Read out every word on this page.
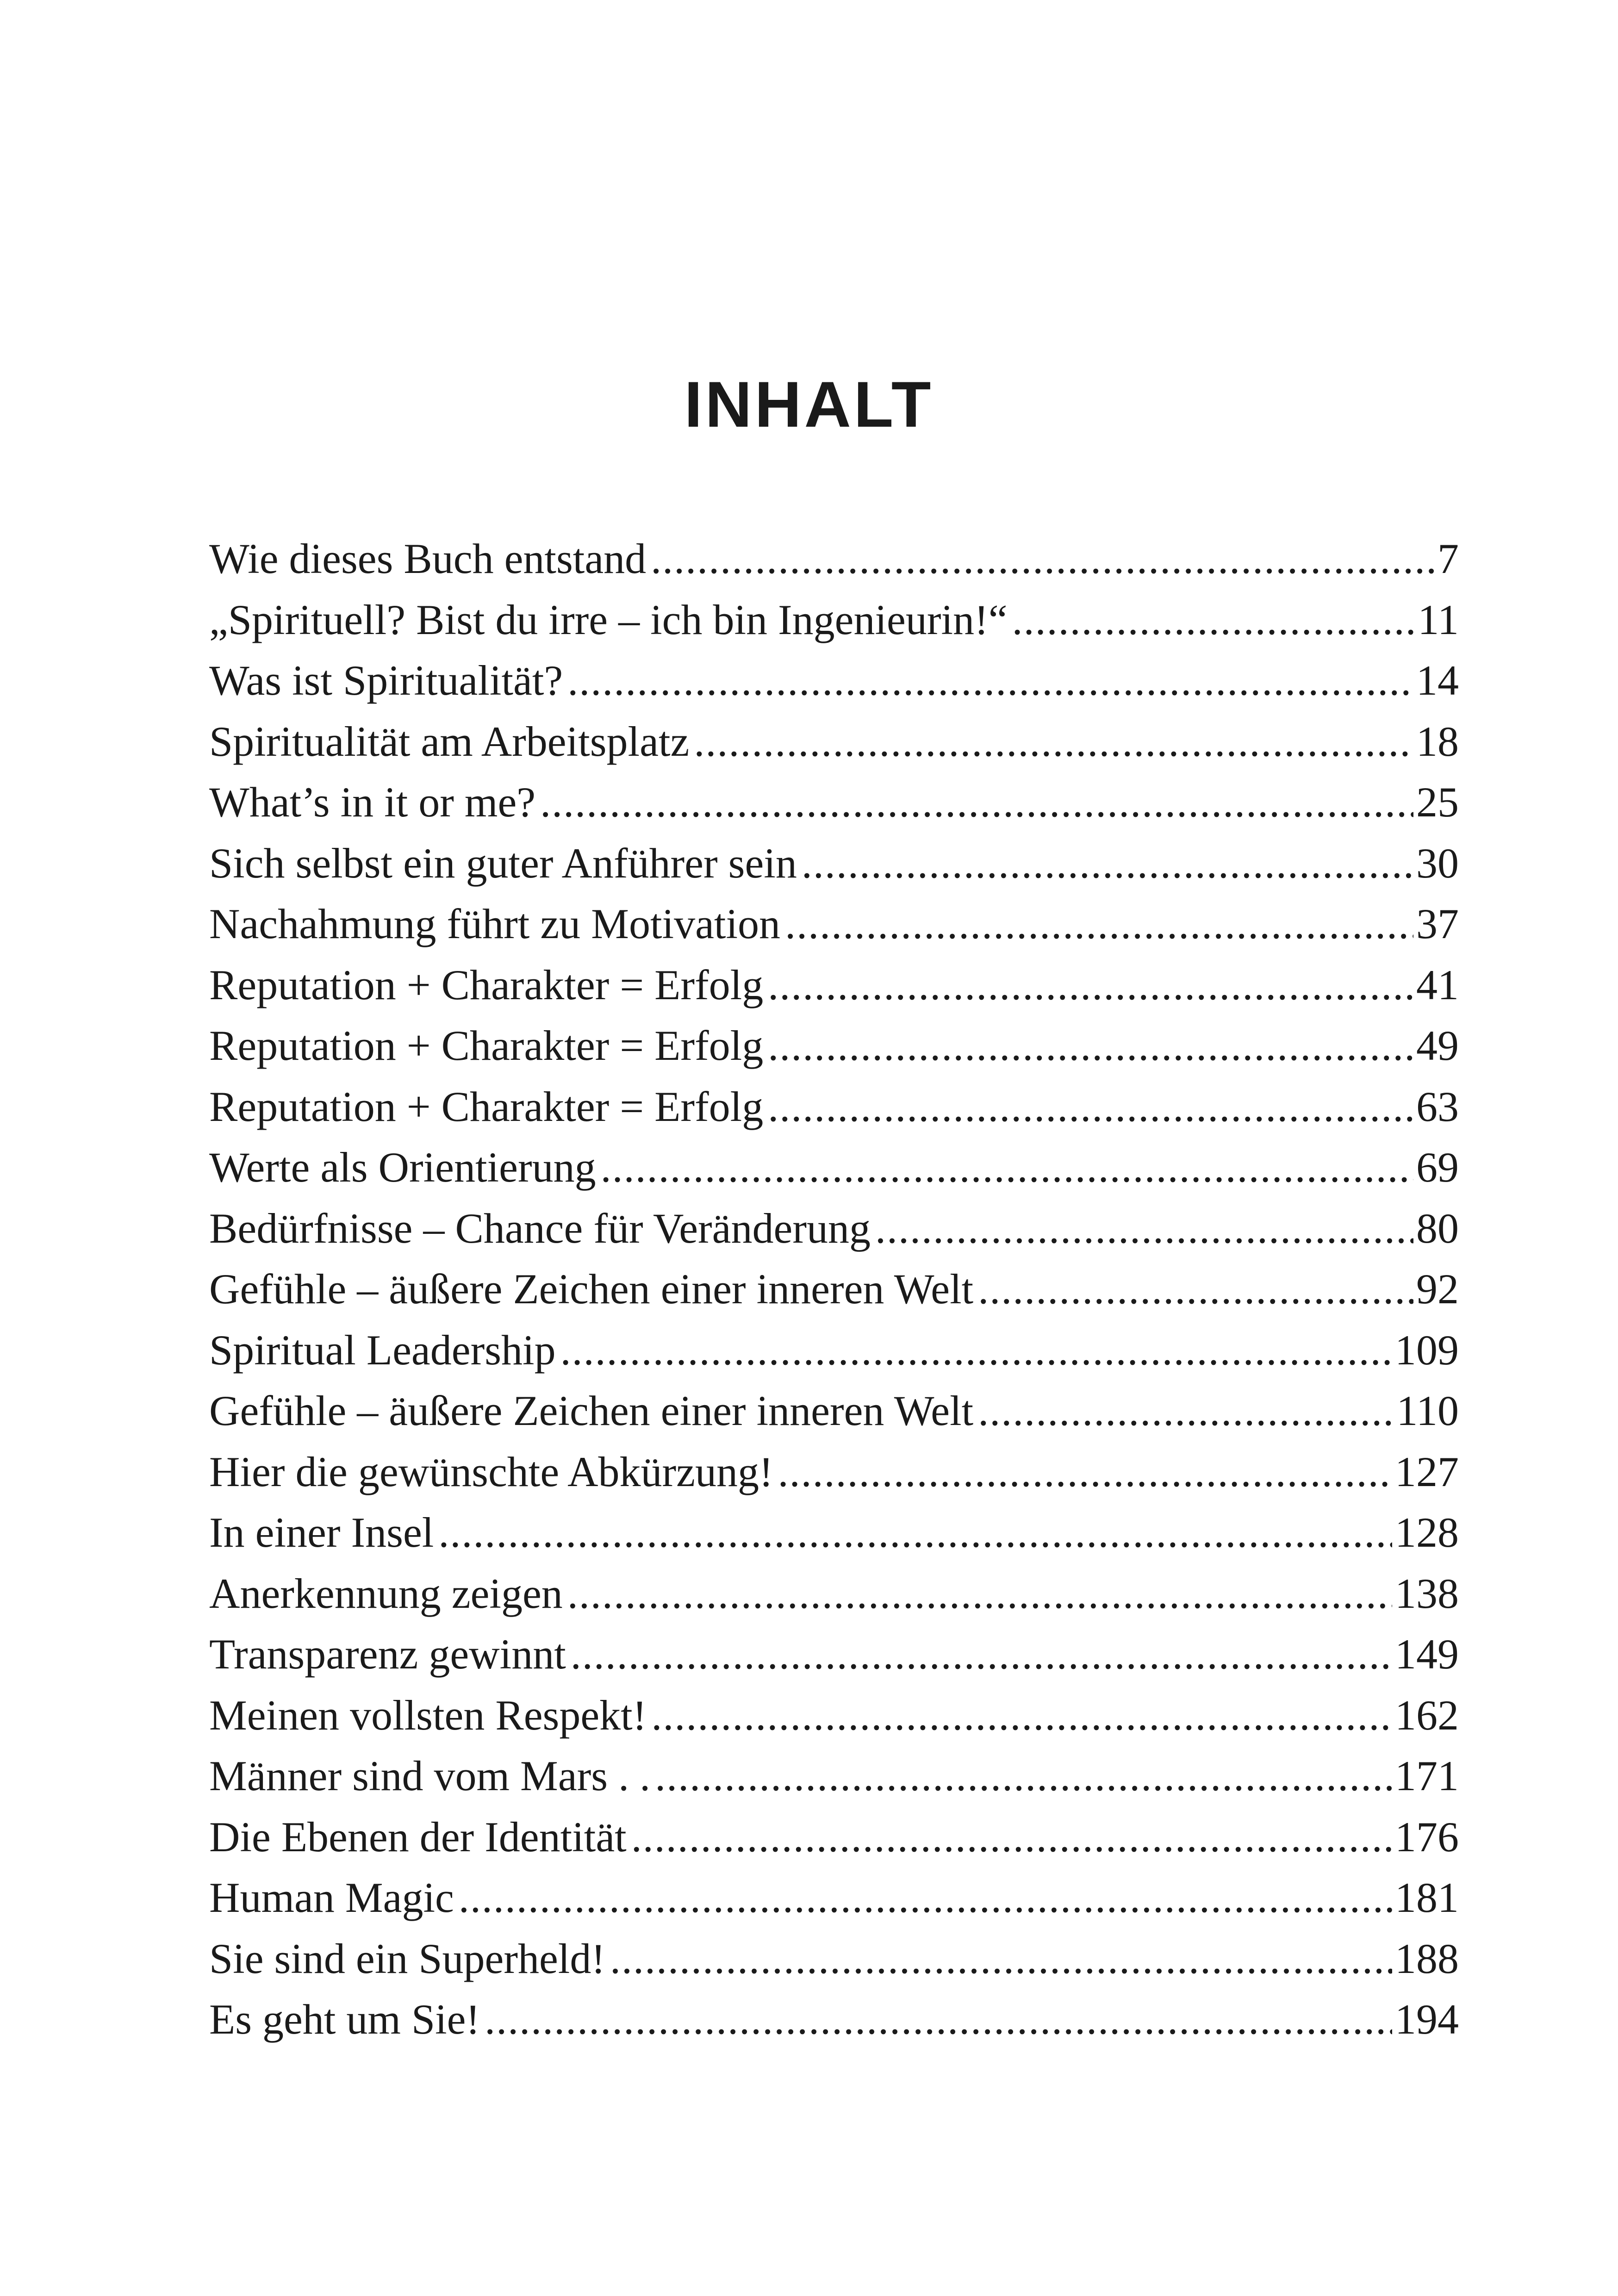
INHALT
Wie dieses Buch entstand .....	7
„Spirituell? Bist du irre – ich bin Ingenieurin!“ .....	11
Was ist Spiritualität? .....	14
Spiritualität am Arbeitsplatz .....	18
What’s in it or me? .....	25
Sich selbst ein guter Anführer sein .....	30
Nachahmung führt zu Motivation .....	37
Reputation + Charakter = Erfolg .....	41
Reputation + Charakter = Erfolg .....	49
Reputation + Charakter = Erfolg .....	63
Werte als Orientierung .....	69
Bedürfnisse – Chance für Veränderung .....	80
Gefühle – äußere Zeichen einer inneren Welt .....	92
Spiritual Leadership .....	109
Gefühle – äußere Zeichen einer inneren Welt .....	110
Hier die gewünschte Abkürzung! .....	127
In einer Insel .....	128
Anerkennung zeigen .....	138
Transparenz gewinnt .....	149
Meinen vollsten Respekt! .....	162
Männer sind vom Mars . . .....	171
Die Ebenen der Identität .....	176
Human Magic .....	181
Sie sind ein Superheld! .....	188
Es geht um Sie! .....	194
